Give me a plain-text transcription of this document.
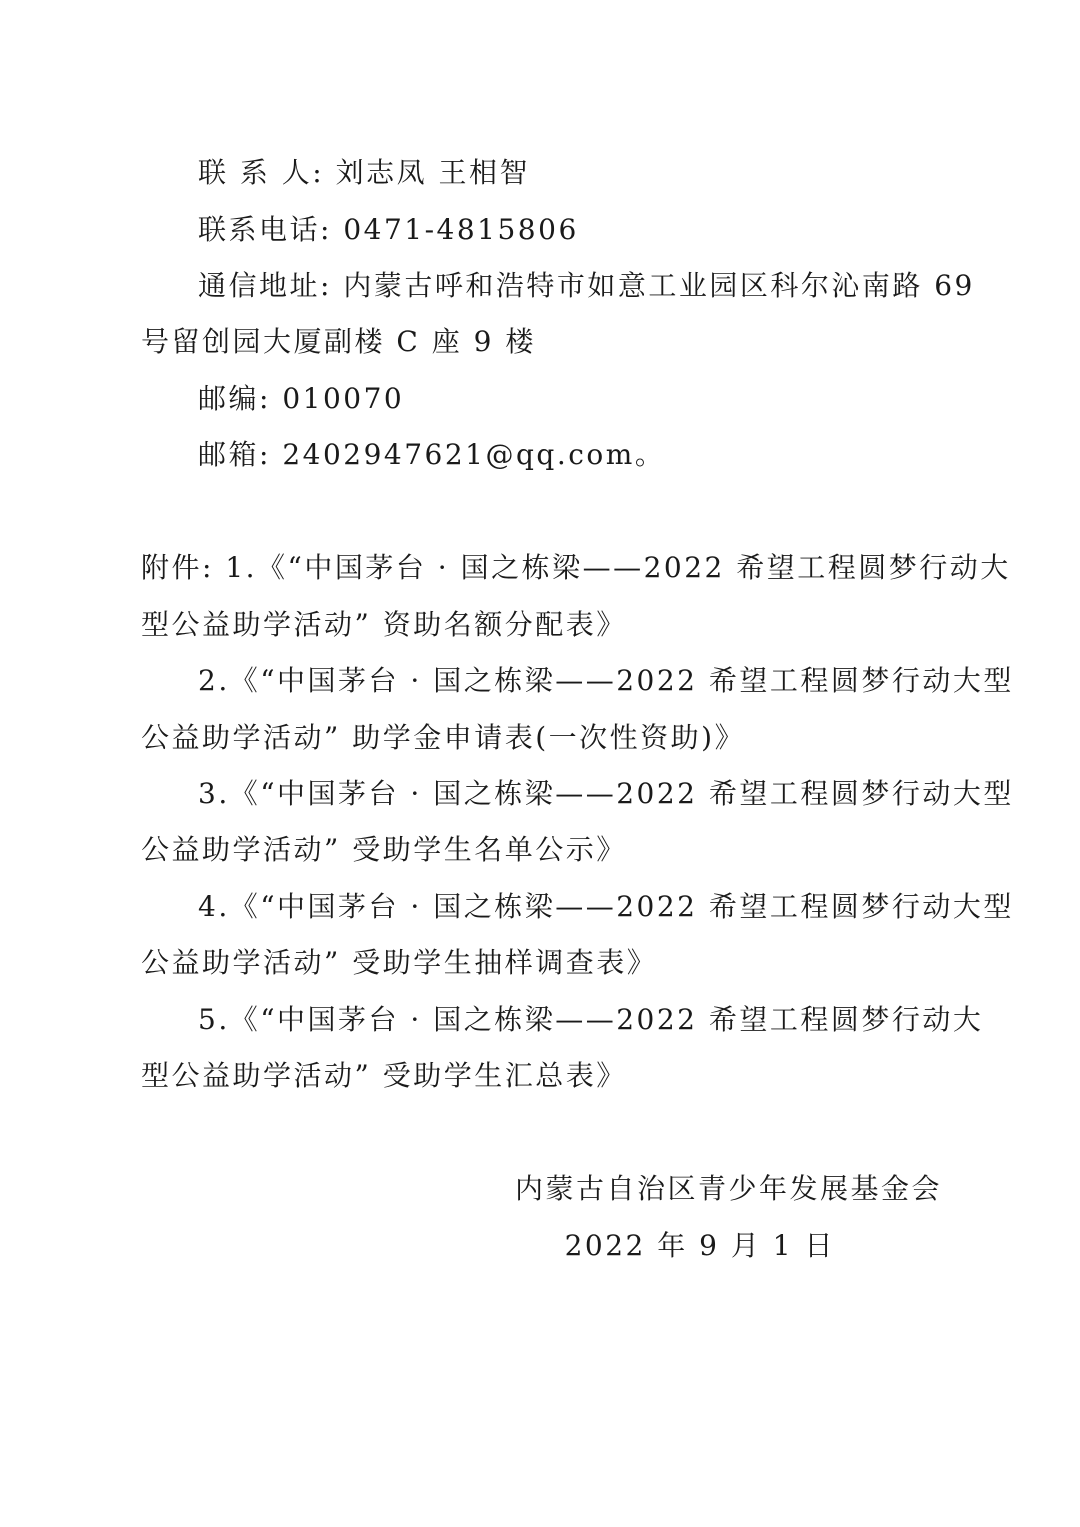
联 系 人: 刘志凤 王相智
联系电话: 0471-4815806
通信地址: 内蒙古呼和浩特市如意工业园区科尔沁南路 69
号留创园大厦副楼 C 座 9 楼
邮编: 010070
邮箱: 2402947621@qq.com。
附件: 1.《“中国茅台 · 国之栋梁——2022 希望工程圆梦行动大
型公益助学活动” 资助名额分配表》
2.《“中国茅台 · 国之栋梁——2022 希望工程圆梦行动大型
公益助学活动” 助学金申请表(一次性资助)》
3.《“中国茅台 · 国之栋梁——2022 希望工程圆梦行动大型
公益助学活动” 受助学生名单公示》
4.《“中国茅台 · 国之栋梁——2022 希望工程圆梦行动大型
公益助学活动” 受助学生抽样调查表》
5.《“中国茅台 · 国之栋梁——2022 希望工程圆梦行动大
型公益助学活动” 受助学生汇总表》
内蒙古自治区青少年发展基金会
2022 年 9 月 1 日
